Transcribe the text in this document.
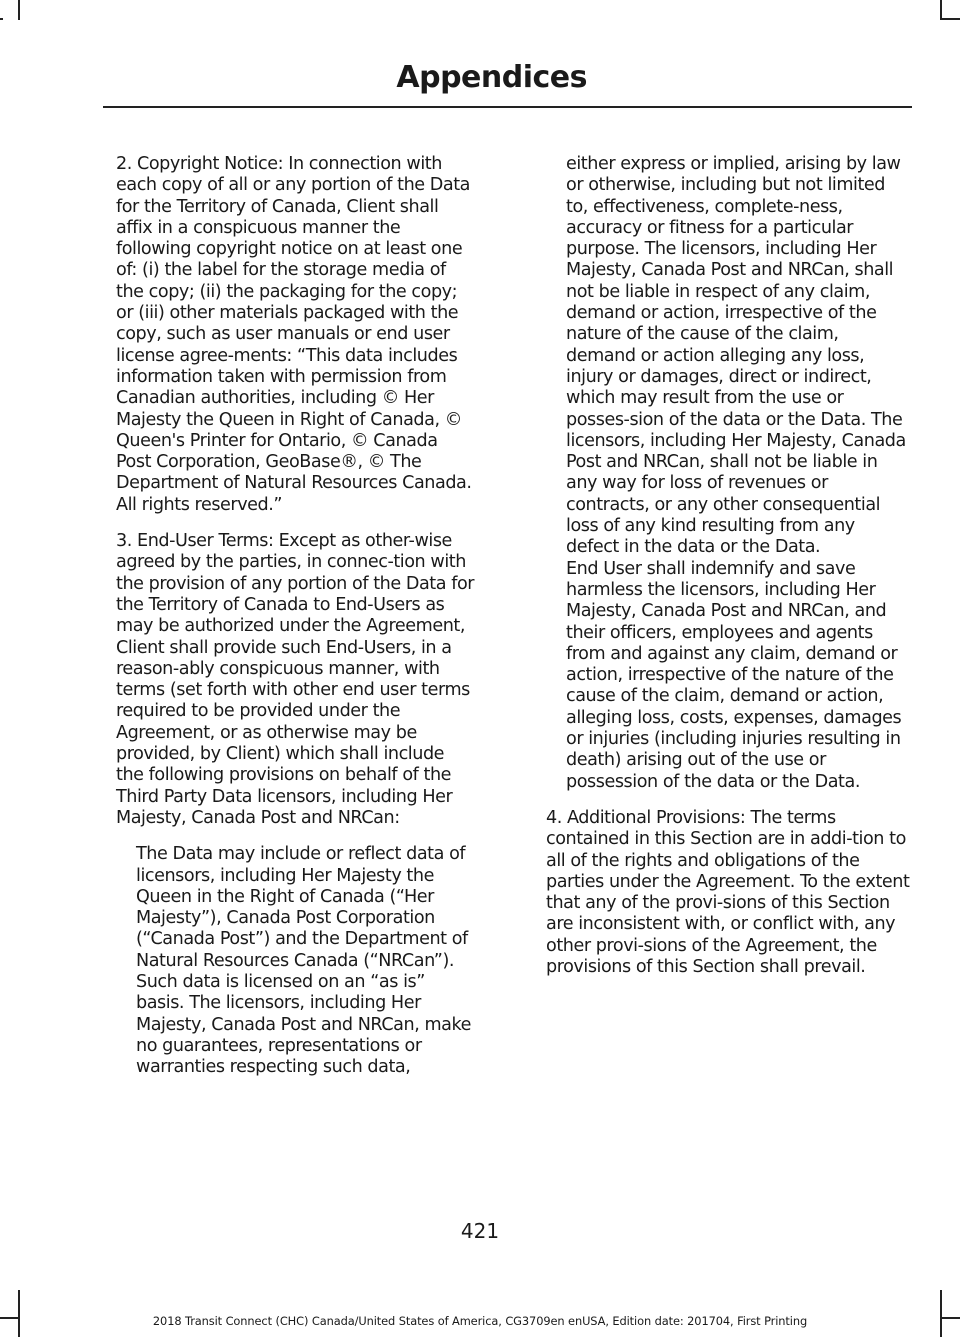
Appendices

2. Copyright Notice: In connection with each copy of all or any portion of the Data for the Territory of Canada, Client shall affix in a conspicuous manner the following copyright notice on at least one of: (i) the label for the storage media of the copy; (ii) the packaging for the copy; or (iii) other materials packaged with the copy, such as user manuals or end user license agree-ments: “This data includes information taken with permission from Canadian authorities, including © Her Majesty the Queen in Right of Canada, © Queen's Printer for Ontario, © Canada Post Corporation, GeoBase®, © The Department of Natural Resources Canada. All rights reserved.”

3. End-User Terms: Except as other-wise agreed by the parties, in connec-tion with the provision of any portion of the Data for the Territory of Canada to End-Users as may be authorized under the Agreement, Client shall provide such End-Users, in a reason-ably conspicuous manner, with terms (set forth with other end user terms required to be provided under the Agreement, or as otherwise may be provided, by Client) which shall include the following provisions on behalf of the Third Party Data licensors, including Her Majesty, Canada Post and NRCan:

The Data may include or reflect data of licensors, including Her Majesty the Queen in the Right of Canada (“Her Majesty”), Canada Post Corporation (“Canada Post”) and the Department of Natural Resources Canada (“NRCan”). Such data is licensed on an “as is” basis. The licensors, including Her Majesty, Canada Post and NRCan, make no guarantees, representations or warranties respecting such data,

either express or implied, arising by law or otherwise, including but not limited to, effectiveness, complete-ness, accuracy or fitness for a particular purpose. The licensors, including Her Majesty, Canada Post and NRCan, shall not be liable in respect of any claim, demand or action, irrespective of the nature of the cause of the claim, demand or action alleging any loss, injury or damages, direct or indirect, which may result from the use or posses-sion of the data or the Data. The licensors, including Her Majesty, Canada Post and NRCan, shall not be liable in any way for loss of revenues or contracts, or any other consequential loss of any kind resulting from any defect in the data or the Data.

End User shall indemnify and save harmless the licensors, including Her Majesty, Canada Post and NRCan, and their officers, employees and agents from and against any claim, demand or action, irrespective of the nature of the cause of the claim, demand or action, alleging loss, costs, expenses, damages or injuries (including injuries resulting in death) arising out of the use or possession of the data or the Data.

4. Additional Provisions: The terms contained in this Section are in addi-tion to all of the rights and obligations of the parties under the Agreement. To the extent that any of the provi-sions of this Section are inconsistent with, or conflict with, any other provi-sions of the Agreement, the provisions of this Section shall prevail.

421
2018 Transit Connect (CHC) Canada/United States of America, CG3709en enUSA, Edition date: 201704, First Printing
